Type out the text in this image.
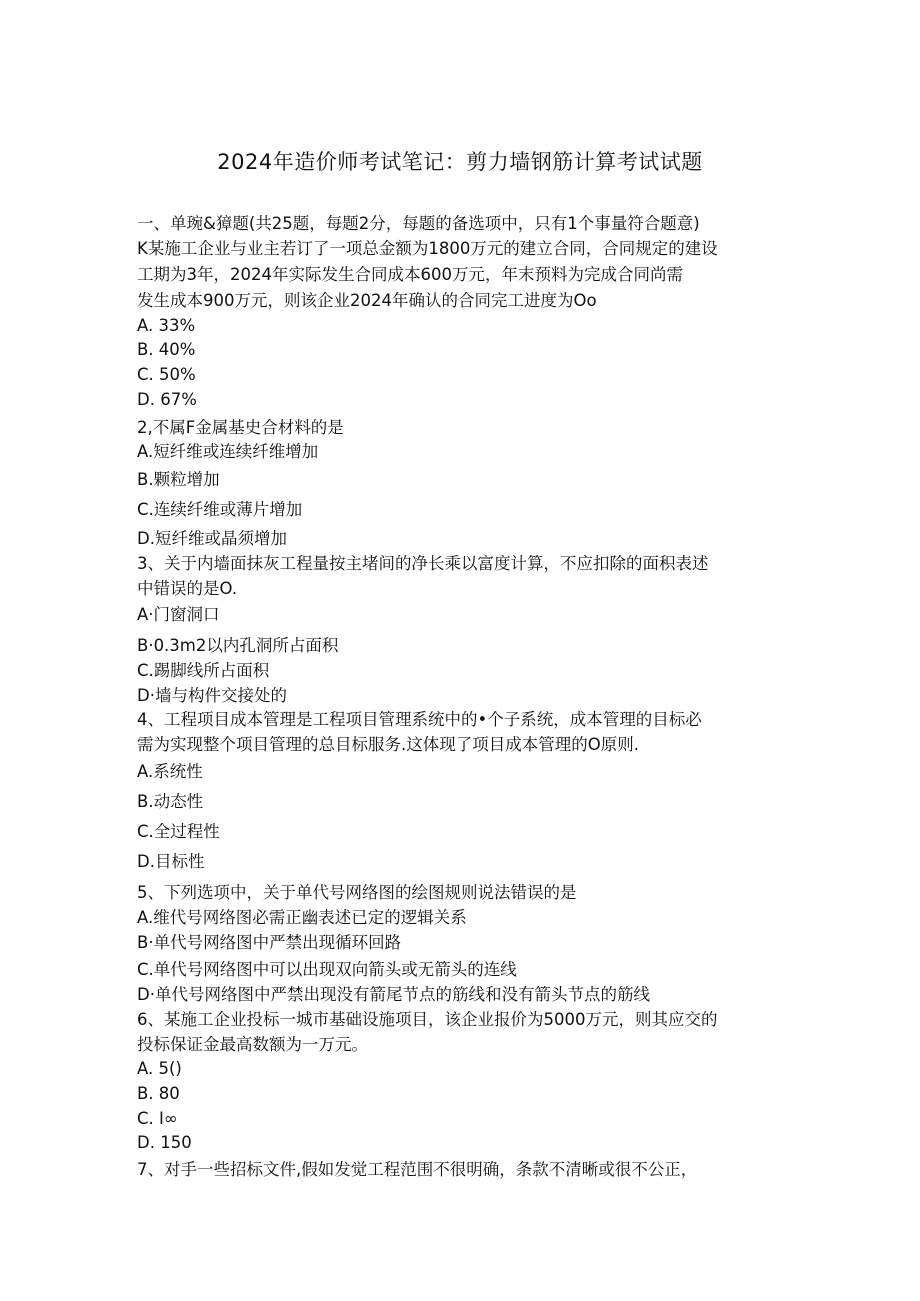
2024年造价师考试笔记：剪力墙钢筋计算考试试题
一、单琬&獐题(共25题，每题2分，每题的备选项中，只有1个事量符合题意)
K某施工企业与业主若订了一项总金额为1800万元的建立合同，合同规定的建设
工期为3年，2024年实际发生合同成本600万元，年末预料为完成合同尚需
发生成本900万元，则该企业2024年确认的合同完工进度为Oo
A. 33%
B. 40%
C. 50%
D. 67%
2,不属F金属基史合材料的是
A.短纤维或连续纤维增加
B.颗粒增加
C.连续纤维或薄片增加
D.短纤维或晶须增加
3、关于内墙面抹灰工程量按主堵间的净长乘以富度计算，不应扣除的面积表述
中错误的是O.
A·门窗洞口
B·0.3m2以内孔洞所占面积
C.踢脚线所占面积
D·墙与构件交接处的
4、工程项目成本管理是工程项目管理系统中的•个子系统，成本管理的目标必
需为实现整个项目管理的总目标服务.这体现了项目成本管理的O原则.
A.系统性
B.动态性
C.全过程性
D.目标性
5、下列选项中，关于单代号网络图的绘图规则说法错误的是
A.维代号网络图必需正幽表述已定的逻辑关系
B·单代号网络图中严禁出现循环回路
C.单代号网络图中可以出现双向箭头或无箭头的连线
D·单代号网络图中严禁出现没有箭尾节点的筋线和没有箭头节点的筋线
6、某施工企业投标一城市基础设施项目，该企业报价为5000万元，则其应交的
投标保证金最高数额为一万元。
A. 5()
B. 80
C. I∞
D. 150
7、对手一些招标文件,假如发觉工程范围不很明确，条款不清晰或很不公正，
